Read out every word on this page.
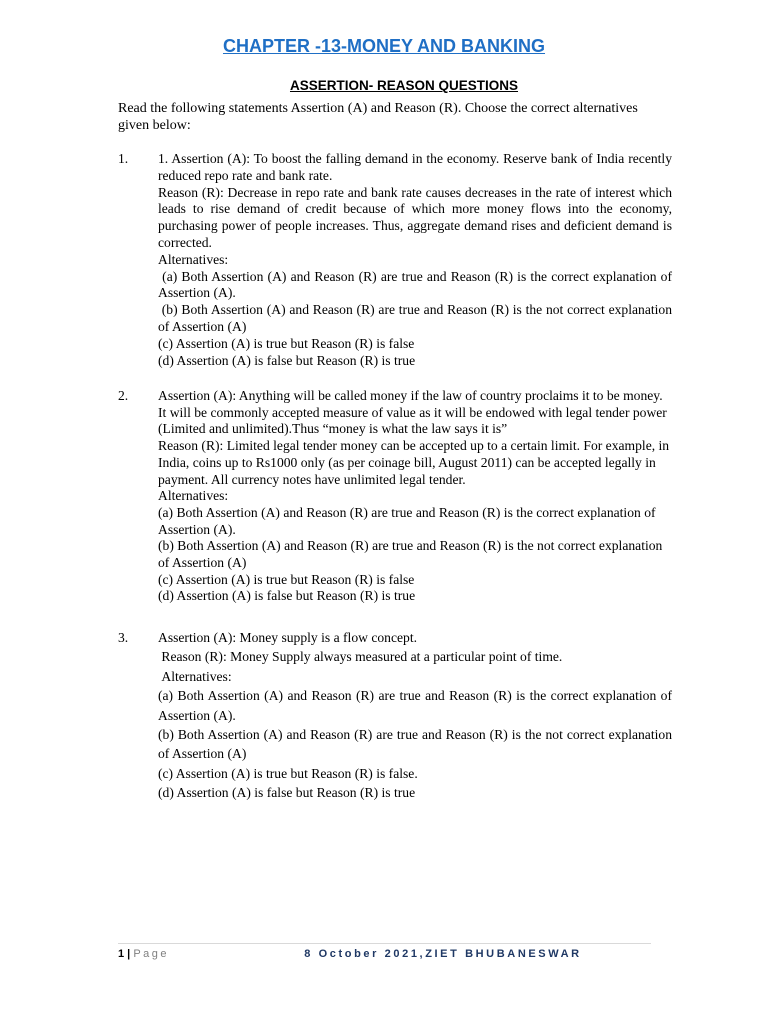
CHAPTER -13-MONEY AND BANKING
ASSERTION- REASON QUESTIONS

Read the following statements Assertion (A) and Reason (R). Choose the correct alternatives given below:

1.	1. Assertion (A): To boost the falling demand in the economy. Reserve bank of India recently reduced repo rate and bank rate.

Reason (R): Decrease in repo rate and bank rate causes decreases in the rate of interest which leads to rise demand of credit because of which more money flows into the economy, purchasing power of people increases. Thus, aggregate demand rises and deficient demand is corrected.

Alternatives:

(a) Both Assertion (A) and Reason (R) are true and Reason (R) is the correct explanation of Assertion (A).

(b) Both Assertion (A) and Reason (R) are true and Reason (R) is the not correct explanation of Assertion (A)

(c) Assertion (A) is true but Reason (R) is false

(d) Assertion (A) is false but Reason (R) is true

2.	Assertion (A): Anything will be called money if the law of country proclaims it to be money. It will be commonly accepted measure of value as it will be endowed with legal tender power (Limited and unlimited).Thus “money is what the law says it is”

Reason (R): Limited legal tender money can be accepted up to a certain limit. For example, in India, coins up to Rs1000 only (as per coinage bill, August 2011) can be accepted legally in payment. All currency notes have unlimited legal tender.

Alternatives:

(a) Both Assertion (A) and Reason (R) are true and Reason (R) is the correct explanation of Assertion (A).

(b) Both Assertion (A) and Reason (R) are true and Reason (R) is the not correct explanation of Assertion (A)

(c) Assertion (A) is true but Reason (R) is false

(d) Assertion (A) is false but Reason (R) is true

3.	Assertion (A): Money supply is a flow concept.

Reason (R): Money Supply always measured at a particular point of time.

Alternatives:

(a) Both Assertion (A) and Reason (R) are true and Reason (R) is the correct explanation of Assertion (A).

(b) Both Assertion (A) and Reason (R) are true and Reason (R) is the not correct explanation of Assertion (A)

(c) Assertion (A) is true but Reason (R) is false.

(d) Assertion (A) is false but Reason (R) is true

1 | Page	8 October 2021,ZIET BHUBANESWAR
